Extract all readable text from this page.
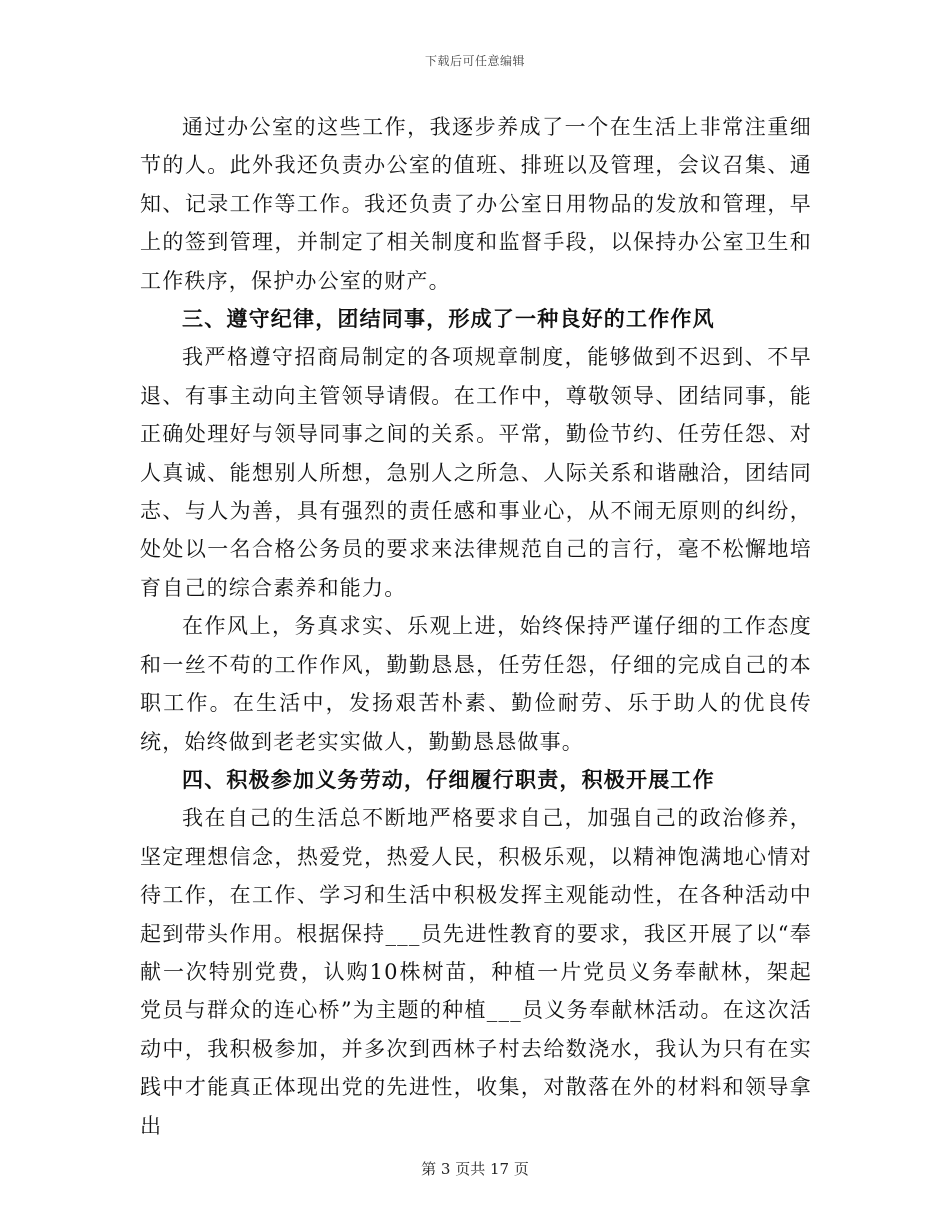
下载后可任意编辑

通过办公室的这些工作，我逐步养成了一个在生活上非常注重细节的人。此外我还负责办公室的值班、排班以及管理，会议召集、通知、记录工作等工作。我还负责了办公室日用物品的发放和管理，早上的签到管理，并制定了相关制度和监督手段，以保持办公室卫生和工作秩序，保护办公室的财产。

三、遵守纪律，团结同事，形成了一种良好的工作作风

我严格遵守招商局制定的各项规章制度，能够做到不迟到、不早退、有事主动向主管领导请假。在工作中，尊敬领导、团结同事，能正确处理好与领导同事之间的关系。平常，勤俭节约、任劳任怨、对人真诚、能想别人所想，急别人之所急、人际关系和谐融洽，团结同志、与人为善，具有强烈的责任感和事业心，从不闹无原则的纠纷，处处以一名合格公务员的要求来法律规范自己的言行，毫不松懈地培育自己的综合素养和能力。

在作风上，务真求实、乐观上进，始终保持严谨仔细的工作态度和一丝不苟的工作作风，勤勤恳恳，任劳任怨，仔细的完成自己的本职工作。在生活中，发扬艰苦朴素、勤俭耐劳、乐于助人的优良传统，始终做到老老实实做人，勤勤恳恳做事。

四、积极参加义务劳动，仔细履行职责，积极开展工作

我在自己的生活总不断地严格要求自己，加强自己的政治修养，坚定理想信念，热爱党，热爱人民，积极乐观，以精神饱满地心情对待工作，在工作、学习和生活中积极发挥主观能动性，在各种活动中起到带头作用。根据保持___员先进性教育的要求，我区开展了以“奉献一次特别党费，认购10株树苗，种植一片党员义务奉献林，架起党员与群众的连心桥”为主题的种植___员义务奉献林活动。在这次活动中，我积极参加，并多次到西林子村去给数浇水，我认为只有在实践中才能真正体现出党的先进性，收集，对散落在外的材料和领导拿出

第 3 页共 17 页
